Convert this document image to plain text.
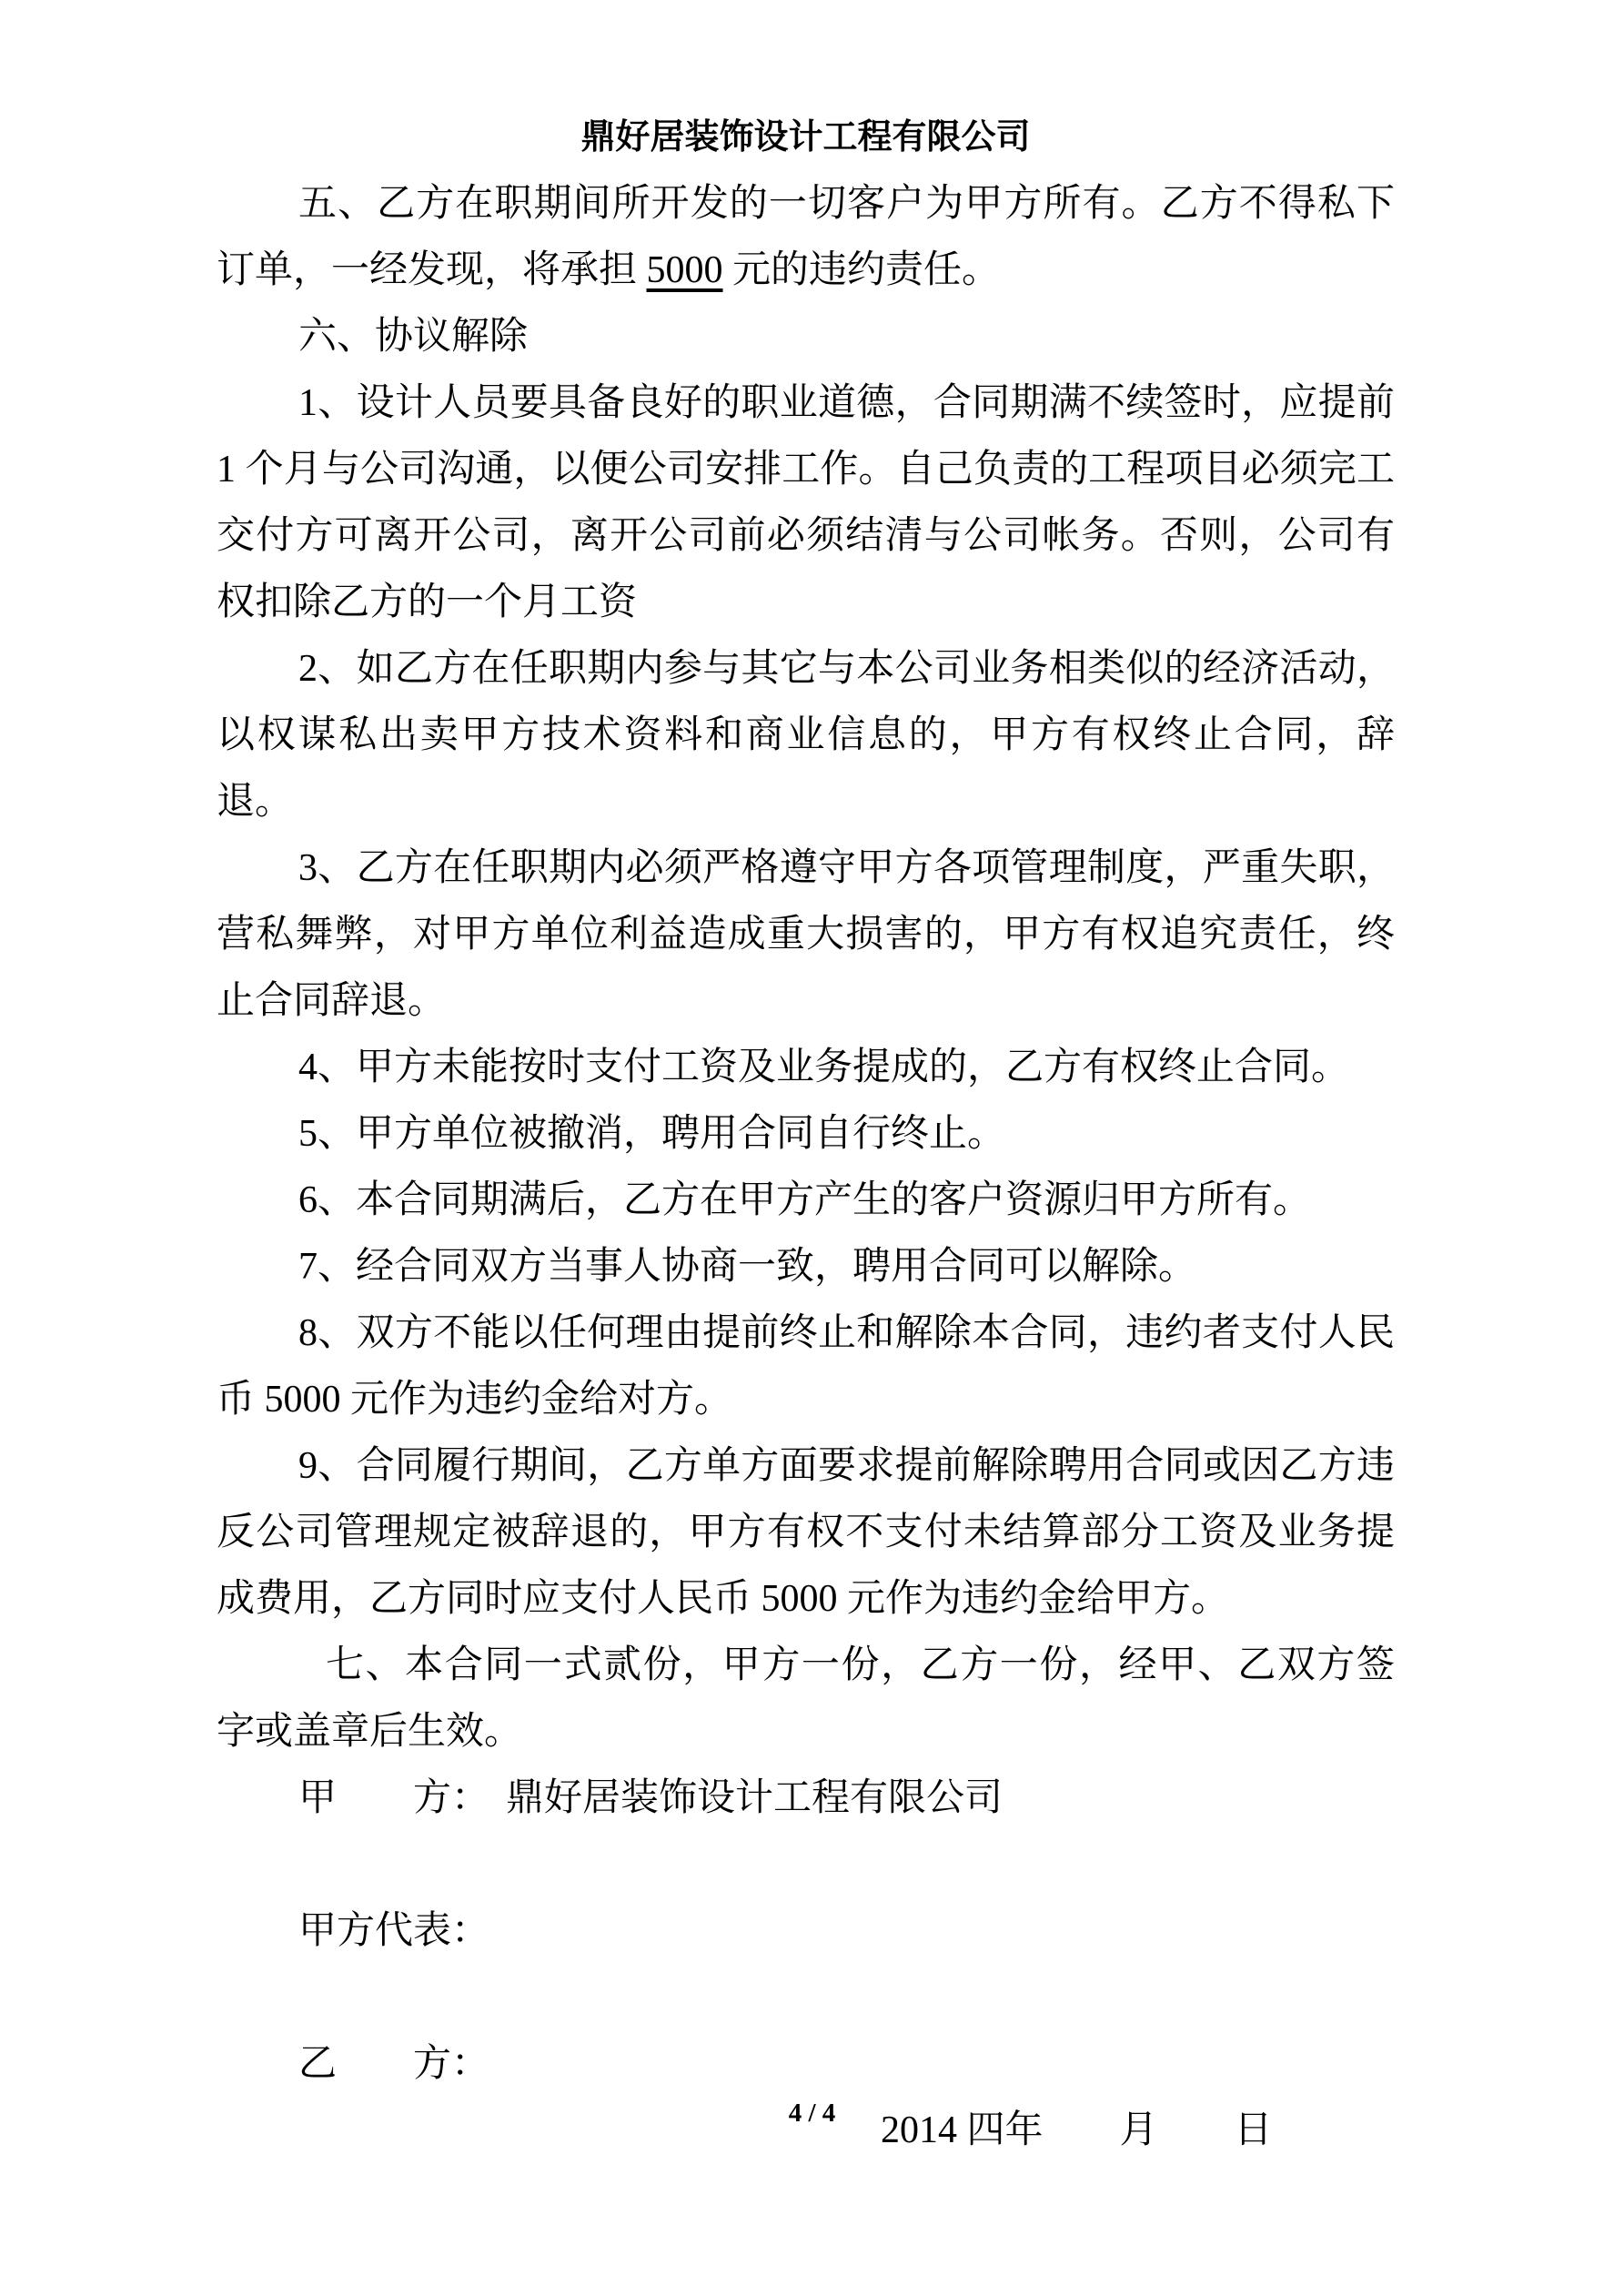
鼎好居装饰设计工程有限公司

五、乙方在职期间所开发的一切客户为甲方所有。乙方不得私下订单，一经发现，将承担 5000 元的违约责任。

六、协议解除

1、设计人员要具备良好的职业道德，合同期满不续签时，应提前 1 个月与公司沟通，以便公司安排工作。自己负责的工程项目必须完工交付方可离开公司，离开公司前必须结清与公司帐务。否则，公司有权扣除乙方的一个月工资

2、如乙方在任职期内参与其它与本公司业务相类似的经济活动，以权谋私出卖甲方技术资料和商业信息的，甲方有权终止合同，辞退。

3、乙方在任职期内必须严格遵守甲方各项管理制度，严重失职，营私舞弊，对甲方单位利益造成重大损害的，甲方有权追究责任，终止合同辞退。

4、甲方未能按时支付工资及业务提成的，乙方有权终止合同。

5、甲方单位被撤消，聘用合同自行终止。

6、本合同期满后，乙方在甲方产生的客户资源归甲方所有。

7、经合同双方当事人协商一致，聘用合同可以解除。

8、双方不能以任何理由提前终止和解除本合同，违约者支付人民币 5000 元作为违约金给对方。

9、合同履行期间，乙方单方面要求提前解除聘用合同或因乙方违反公司管理规定被辞退的，甲方有权不支付未结算部分工资及业务提成费用，乙方同时应支付人民币 5000 元作为违约金给甲方。

七、本合同一式贰份，甲方一份，乙方一份，经甲、乙双方签字或盖章后生效。

甲　　方： 鼎好居装饰设计工程有限公司

甲方代表：

乙　　方：

2014 四年　　月　　日

4 / 4
